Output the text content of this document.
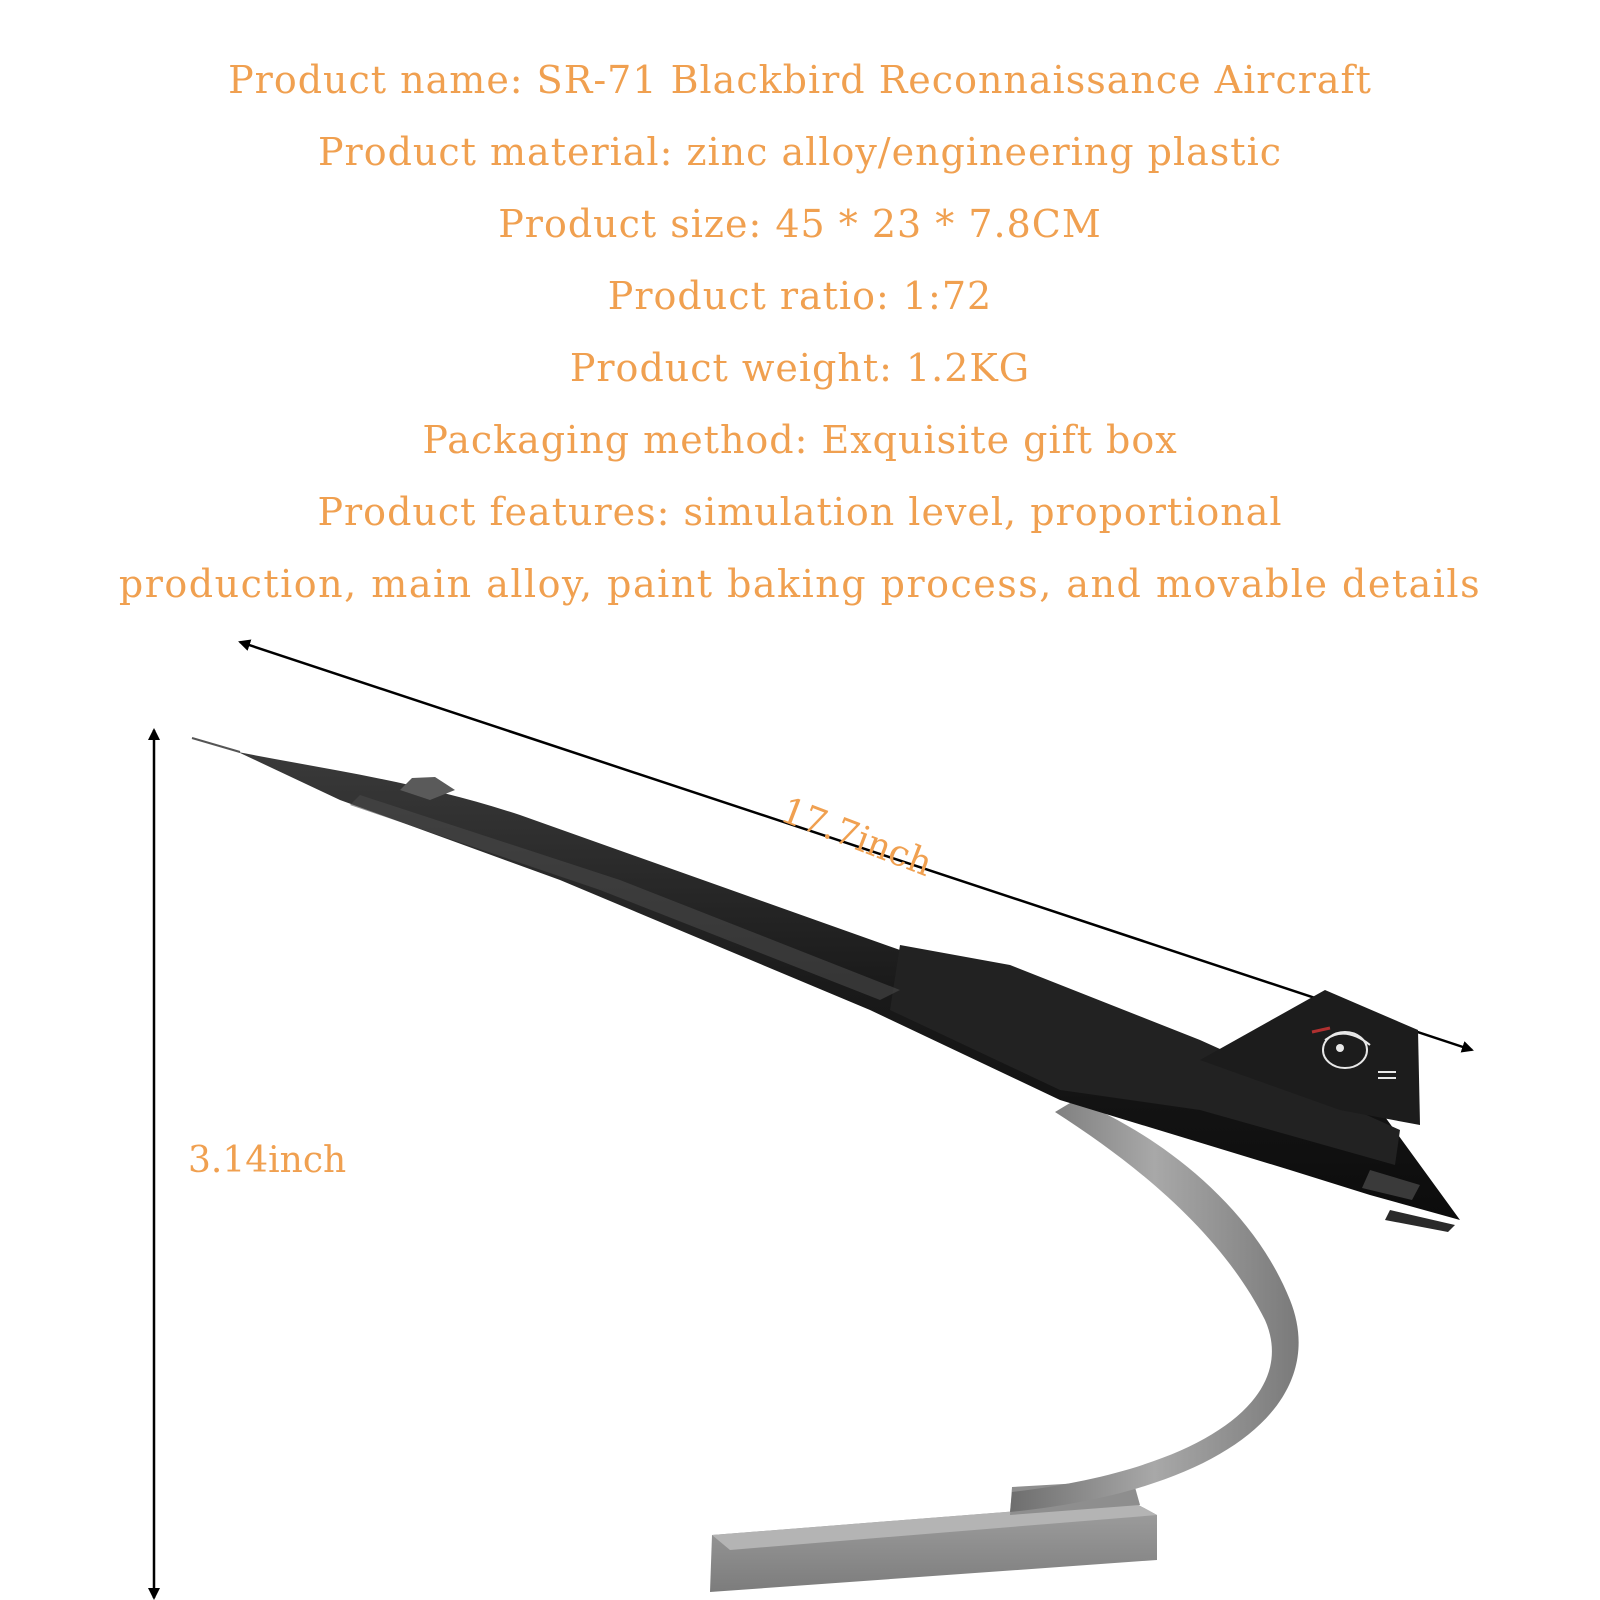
Product name: SR-71 Blackbird Reconnaissance Aircraft
Product material: zinc alloy/engineering plastic
Product size: 45 * 23 * 7.8CM
Product ratio: 1:72
Product weight: 1.2KG
Packaging method: Exquisite gift box
Product features: simulation level, proportional
production, main alloy, paint baking process, and movable details
17.7inch
3.14inch
